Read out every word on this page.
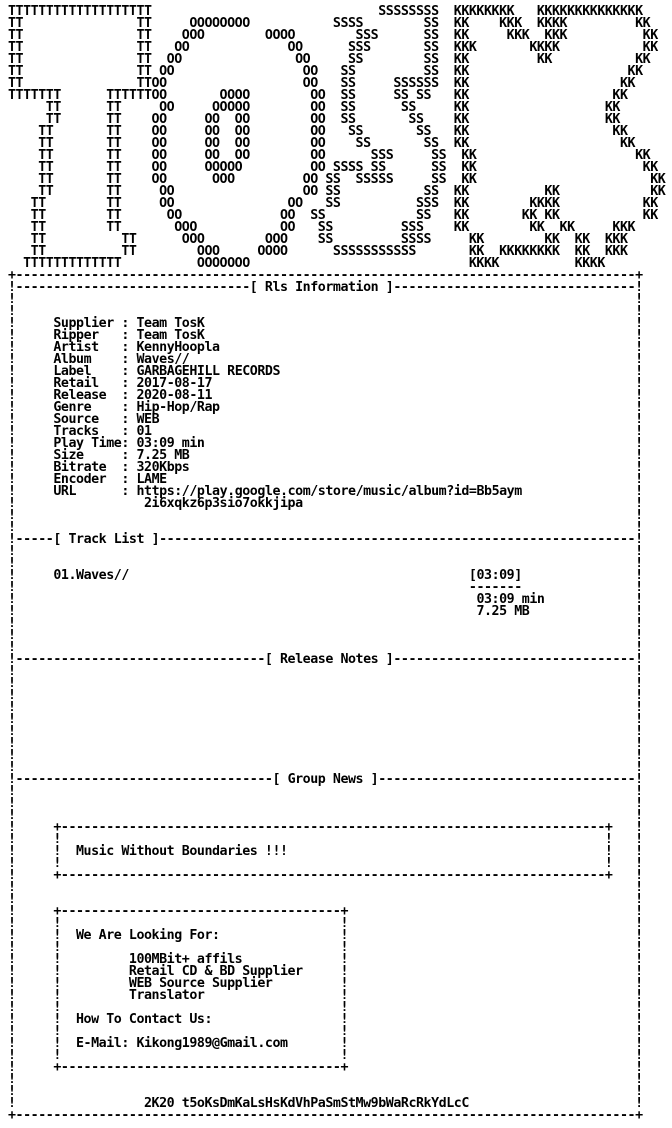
TTTTTTTTTTTTTTTTTTT                              SSSSSSSS  KKKKKKKK   KKKKKKKKKKKKKK
TT               TT     OOOOOOOO           SSSS        SS  KK    KKK  KKKK         KK
TT               TT    OOO        OOOO        SSS      SS  KK     KKK  KKK          KK
TT               TT   OO             OO      SSS       SS  KKK       KKKK           KK
TT               TT  OO               OO     SS        SS  KK         KK           KK
TT               TT OO                 OO   SS         SS  KK                     KK
TT               TTOO                  OO   SS     SSSSSS  KK                    KK
TTTTTTT      TTTTTTOO       OOOO        OO  SS     SS SS   KK                   KK
TT      TT     OO     OOOOO        OO  SS      SS     KK                  KK
TT      TT    OO     OO  OO        OO  SS       SS    KK                  KK
TT       TT    OO     OO  OO        OO   SS       SS   KK                   KK
TT       TT    OO     OO  OO        OO    SS       SS  KK                    KK
TT       TT    OO     OO  OO        OO      SSS     SS  KK                     KK
TT       TT    OO     OOOOO         OO SSSS SS      SS  KK                      KK
TT       TT    OO      OOO         OO SS  SSSSS     SS  KK                       KK
TT       TT     OO                 OO SS           SS  KK          KK            KK
TT        TT     OO               OO   SS          SSS  KK        KKKK           KK
TT        TT      OO             OO  SS            SS   KK       KK KK           KK
TT        TT       OOO           OO   SS         SSS    KK        KK  KK     KKK
TT          TT      OOO        OOO    SS         SSSS     KK        KK  KK  KKK
TT          TT        OOO     OOOO      SSSSSSSSSSS       KK  KKKKKKKK  KK  KKK
TTTTTTTTTTTTT          OOOOOOO                             KKKK          KKKK
+----------------------------------------------------------------------------------+
!-------------------------------[ Rls Information ]--------------------------------!
!                                                                                  !
!                                                                                  !
!     Supplier : Team TosK	!
!     Ripper   : Team TosK	!
!     Artist   : KennyHoopla	!
!     Album    : Waves//	!
!     Label    : GARBAGEHILL RECORDS	!
!     Retail   : 2017-08-17	!
!     Release  : 2020-08-11	!
!     Genre    : Hip-Hop/Rap	!
!     Source   : WEB	!
!     Tracks   : 01	!
!     Play Time: 03:09 min	!
!     Size     : 7.25 MB	!
!     Bitrate  : 320Kbps	!
!     Encoder  : LAME	!
!     URL      : https://play.google.com/store/music/album?id=Bb5aym	!
!                 2i6xqkz6p3sio7okkjipa	!
!                                                                                  !
!                                                                                  !
!-----[ Track List ]---------------------------------------------------------------!
!                                                                                  !
!                                                                                  !
!     01.Waves//	[03:09]	!
!                                                            -------	!
!                                                             03:09 min	!
!                                                             7.25 MB	!
!                                                                                  !
!                                                                                  !
!                                                                                  !
!---------------------------------[ Release Notes ]--------------------------------!
!                                                                                  !
!                                                                                  !
!                                                                                  !
!                                                                                  !
!                                                                                  !
!                                                                                  !
!                                                                                  !
!                                                                                  !
!                                                                                  !
!----------------------------------[ Group News ]----------------------------------!
!                                                                                  !
!                                                                                  !
!                                                                                  !
!     +------------------------------------------------------------------------+   !
!     !                                                                        !   !
!     !  Music Without Boundaries !!!	!   !
!     !                                                                        !   !
!     +------------------------------------------------------------------------+   !
!                                                                                  !
!                                                                                  !
!     +-------------------------------------+                                      !
!     !                                     !                                      !
!     !  We Are Looking For:	!                                      !
!     !                                     !                                      !
!     !         100MBit+ affils	!                                      !
!     !         Retail CD & BD Supplier	!                                      !
!     !         WEB Source Supplier	!                                      !
!     !         Translator	!                                      !
!     !                                     !                                      !
!     !  How To Contact Us:	!                                      !
!     !                                     !                                      !
!     !  E-Mail: Kikong1989@Gmail.com	!                                      !
!     !                                     !                                      !
!     +-------------------------------------+                                      !
!                                                                                  !
!                                                                                  !
!                 2K20 t5oKsDmKaLsHsKdVhPaSmStMw9bWaRcRkYdLcC	!
+----------------------------------------------------------------------------------+
